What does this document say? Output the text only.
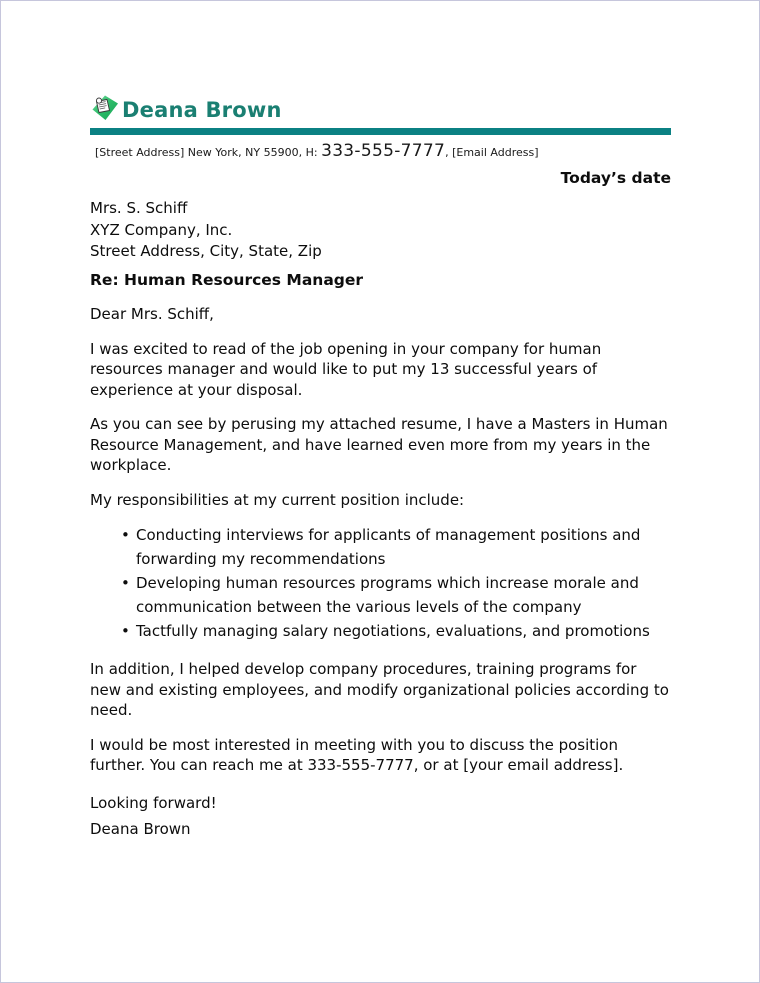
Deana Brown
[Street Address] New York, NY 55900, H: 333-555-7777, [Email Address]
Today’s date
Mrs. S. Schiff
XYZ Company, Inc.
Street Address, City, State, Zip
Re: Human Resources Manager
Dear Mrs. Schiff,

I was excited to read of the job opening in your company for human resources manager and would like to put my 13 successful years of experience at your disposal.

As you can see by perusing my attached resume, I have a Masters in Human Resource Management, and have learned even more from my years in the workplace.

My responsibilities at my current position include:

• Conducting interviews for applicants of management positions and forwarding my recommendations
• Developing human resources programs which increase morale and communication between the various levels of the company
• Tactfully managing salary negotiations, evaluations, and promotions

In addition, I helped develop company procedures, training programs for new and existing employees, and modify organizational policies according to need.

I would be most interested in meeting with you to discuss the position further. You can reach me at 333-555-7777, or at [your email address].

Looking forward!
Deana Brown
